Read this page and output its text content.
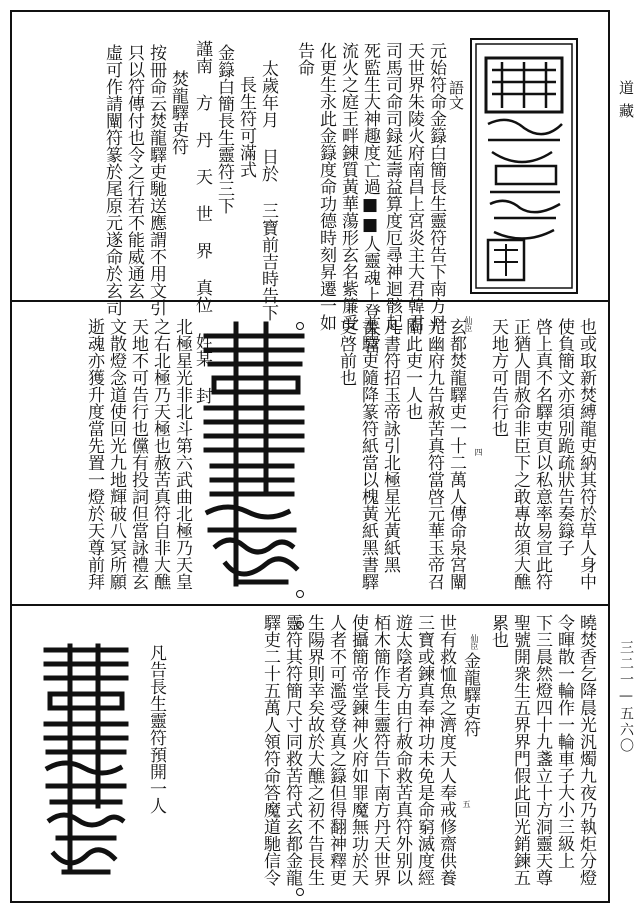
道藏
三二一—五六〇
語文
元始符命金籙白簡長生靈符告下南方丹
天世界朱陵火府南昌上宮炎主大君韓君
司馬司命司録延壽益算度厄尋神迴骸起
死監生大神趣度亡過■■人靈魂上登朱宮
流火之庭王畔錬質黃華蕩形玄名紫簾受
化更生永此金籙度命功德時刻昇遷一如
告命
太歲年月 日於 三寶前吉時告下
長生符可滿式
金籙白簡長生靈符三下
謹南 方 丹 天 世 界 真位 姓某 封
焚龍驛吏符
按冊命云焚龍驛吏馳送應謂不用文引
只以符傳付也令之行若不能威通玄
虛可作請闡符篆於尾原元遂命於玄司
也或取新焚縛龍吏納其符於草人身中
使負簡文亦須別跪疏狀告奏籙子
啓上真不名驛吏頁以私意率易宣此符
正猶人間赦命非臣下之敢專故須大醮
天地方可告行也
仙臣
四
玄都焚龍驛吏一十二萬人傳命泉宮闡
光幽府九告赦苦真符當啓元華玉帝召
闡此吏一人也
凡書符招玉帝詠引北極星光黃紙黑
書驛吏隨降篆符紙當以槐黃紙黑書驛
吏啓前也
北極星光非北斗第六武曲北極乃天皇
之右北極乃天極也赦苦真符自非大醮
天地不可告行也儻有投詞但當詠禮玄
文散燈念道使回光九地輝破八冥所願
逝魂亦獲升度當先置一燈於天尊前拜
曉焚香乞降晨光汎燭九夜乃執炬分燈
令暉散一輪作一輪車子大小三級上
下三晨然燈四十九盞立十方洞靈天尊
聖號開衆生五界界門假此回光銷鍊五
累也
金龍驛吏符
仙臣
五
世有救恤魚之濟度天人奉戒修齋供養
三寶或鍊真奉神功未免是命窮滅度經
遊太陰者方由行赦命救苦真符外别以
栢木簡作長生靈符告下南方丹天世界
使攝簡帝堂鍊神火府如罪魔無功於天
人者不可濫受登真之籙但得翻神釋更
生陽界則幸矣故於大醮之初不告長生
靈符其符簡尺寸同救苦符式玄都金龍
驛吏二十五萬人領符命答魔道馳信令
凡告長生靈符預開一人
